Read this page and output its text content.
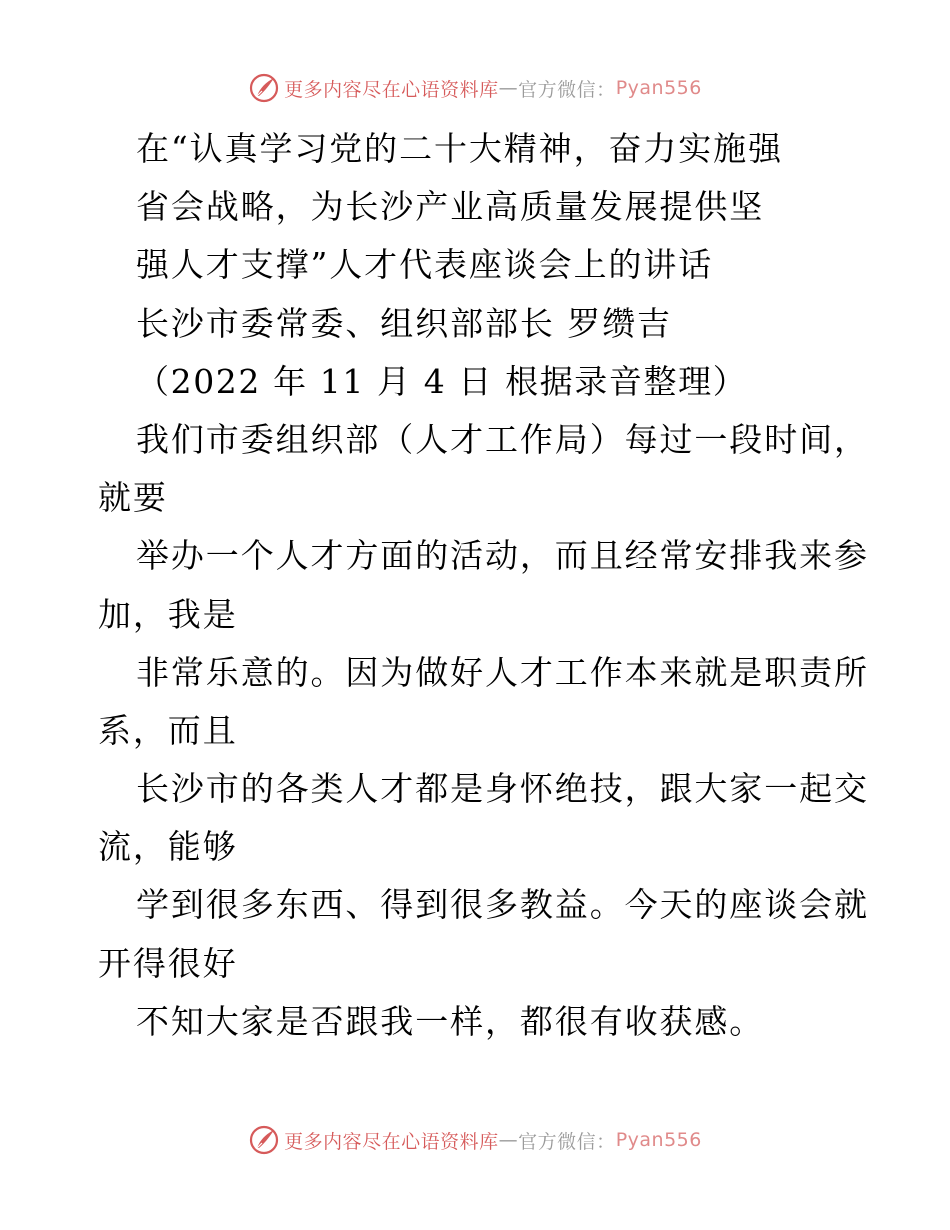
更多内容尽在心语资料库 — 官方微信： Pyan556
在“认真学习党的二十大精神，奋力实施强
省会战略，为长沙产业高质量发展提供坚
强人才支撑”人才代表座谈会上的讲话
长沙市委常委、组织部部长 罗缵吉
（2022 年 11 月 4 日 根据录音整理）
我们市委组织部（人才工作局）每过一段时间，
就要
举办一个人才方面的活动，而且经常安排我来参
加，我是
非常乐意的。因为做好人才工作本来就是职责所
系，而且
长沙市的各类人才都是身怀绝技，跟大家一起交
流，能够
学到很多东西、得到很多教益。今天的座谈会就
开得很好
不知大家是否跟我一样，都很有收获感。
更多内容尽在心语资料库 — 官方微信： Pyan556
